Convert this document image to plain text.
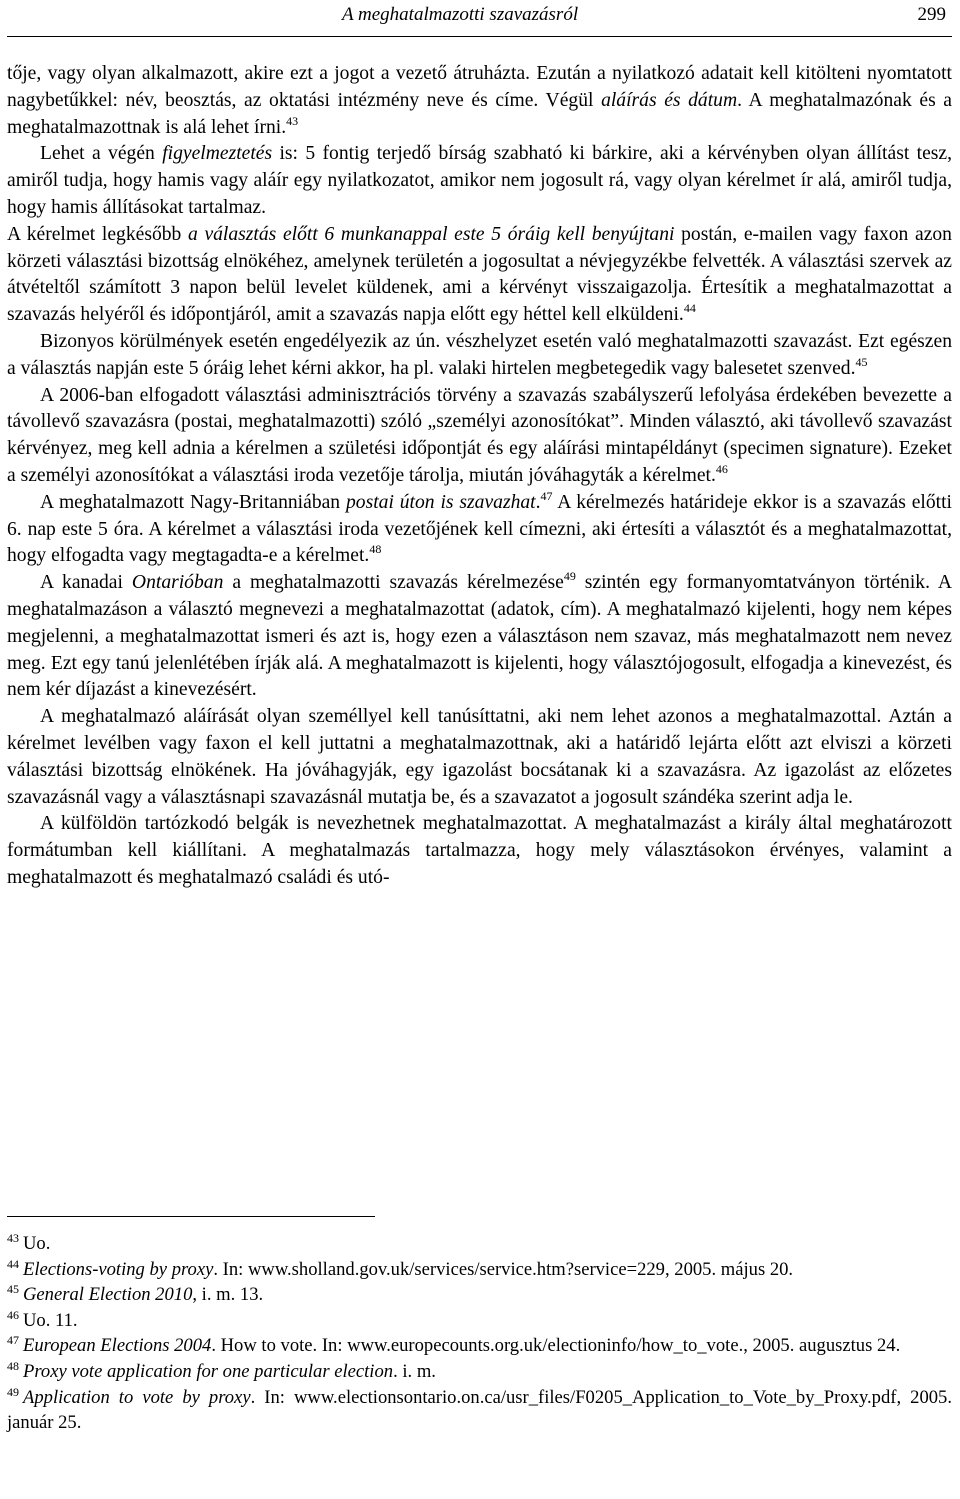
A meghatalmazotti szavazásról	299

tője, vagy olyan alkalmazott, akire ezt a jogot a vezető átruházta. Ezután a nyilatkozó adatait kell kitölteni nyomtatott nagybetűkkel: név, beosztás, az oktatási intézmény neve és címe. Végül aláírás és dátum. A meghatalmazónak és a meghatalmazottnak is alá lehet írni.$^{43}$

Lehet a végén figyelmeztetés is: 5 fontig terjedő bírság szabható ki bárkire, aki a kérvényben olyan állítást tesz, amiről tudja, hogy hamis vagy aláír egy nyilatkozatot, amikor nem jogosult rá, vagy olyan kérelmet ír alá, amiről tudja, hogy hamis állításokat tartalmaz.

A kérelmet legkésőbb a választás előtt 6 munkanappal este 5 óráig kell benyújtani postán, e-mailen vagy faxon azon körzeti választási bizottság elnökéhez, amelynek területén a jogosultat a névjegyzékbe felvették. A választási szervek az átvételtől számított 3 napon belül levelet küldenek, ami a kérvényt visszaigazolja. Értesítik a meghatalmazottat a szavazás helyéről és időpontjáról, amit a szavazás napja előtt egy héttel kell elküldeni.$^{44}$

Bizonyos körülmények esetén engedélyezik az ún. vészhelyzet esetén való meghatalmazotti szavazást. Ezt egészen a választás napján este 5 óráig lehet kérni akkor, ha pl. valaki hirtelen megbetegedik vagy balesetet szenved.$^{45}$

A 2006-ban elfogadott választási adminisztrációs törvény a szavazás szabályszerű lefolyása érdekében bevezette a távollevő szavazásra (postai, meghatalmazotti) szóló „személyi azonosítókat”. Minden választó, aki távollevő szavazást kérvényez, meg kell adnia a kérelmen a születési időpontját és egy aláírási mintapéldányt (specimen signature). Ezeket a személyi azonosítókat a választási iroda vezetője tárolja, miután jóváhagyták a kérelmet.$^{46}$

A meghatalmazott Nagy-Britanniában postai úton is szavazhat.$^{47}$ A kérelmezés határideje ekkor is a szavazás előtti 6. nap este 5 óra. A kérelmet a választási iroda vezetőjének kell címezni, aki értesíti a választót és a meghatalmazottat, hogy elfogadta vagy megtagadta-e a kérelmet.$^{48}$

A kanadai Ontarióban a meghatalmazotti szavazás kérelmezése$^{49}$ szintén egy formanyomtatványon történik. A meghatalmazáson a választó megnevezi a meghatalmazottat (adatok, cím). A meghatalmazó kijelenti, hogy nem képes megjelenni, a meghatalmazottat ismeri és azt is, hogy ezen a választáson nem szavaz, más meghatalmazott nem nevez meg. Ezt egy tanú jelenlétében írják alá. A meghatalmazott is kijelenti, hogy választójogosult, elfogadja a kinevezést, és nem kér díjazást a kinevezésért.

A meghatalmazó aláírását olyan személlyel kell tanúsíttatni, aki nem lehet azonos a meghatalmazottal. Aztán a kérelmet levélben vagy faxon el kell juttatni a meghatalmazottnak, aki a határidő lejárta előtt azt elviszi a körzeti választási bizottság elnökének. Ha jóváhagyják, egy igazolást bocsátanak ki a szavazásra. Az igazolást az előzetes szavazásnál vagy a választásnapi szavazásnál mutatja be, és a szavazatot a jogosult szándéka szerint adja le.

A külföldön tartózkodó belgák is nevezhetnek meghatalmazottat. A meghatalmazást a király által meghatározott formátumban kell kiállítani. A meghatalmazás tartalmazza, hogy mely választásokon érvényes, valamint a meghatalmazott és meghatalmazó családi és utó-

$^{43}$ Uo.

$^{44}$ Elections-voting by proxy. In: www.sholland.gov.uk/services/service.htm?service=229, 2005. május 20.

$^{45}$ General Election 2010, i. m. 13.

$^{46}$ Uo. 11.

$^{47}$ European Elections 2004. How to vote. In: www.europecounts.org.uk/electioninfo/how_to_vote., 2005. augusztus 24.

$^{48}$ Proxy vote application for one particular election. i. m.

$^{49}$ Application to vote by proxy. In: www.electionsontario.on.ca/usr_files/F0205_Application_to_Vote_by_Proxy.pdf, 2005. január 25.
